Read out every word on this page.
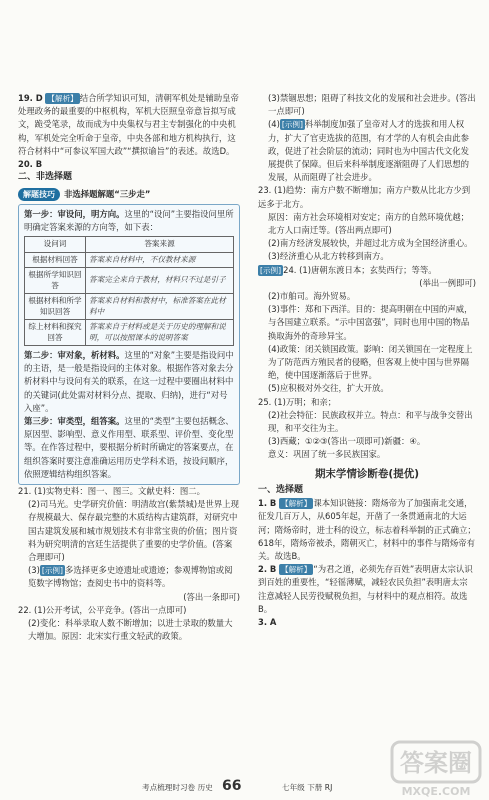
19. D 【解析】 结合所学知识可知，清朝军机处是辅助皇帝处理政务的最重要的中枢机构，军机大臣照皇帝意旨拟写成文，跪受笔录，故而成为中央集权与君主专制强化的中央机构，军机处完全听命于皇帝，中央各部和地方机构执行，这符合材料中“可参议军国大政”“撰拟谕旨”的表述。故选D。

20. B

二、非选择题

解题技巧 非选择题解题“三步走”

第一步：审设问，明方向。这里的“设问”主要指设问里所明确定答案来源的方向等，如下表：

设问词	答案来源
根据材料回答	答案来自材料中，不仅教材来源
根据所学知识回答	答案完全来自于教材，材料只不过是引子
根据材料和所学知识回答	答案来自材料和教材中，标准答案在此材料中
综上材料和探究回答	答案来自于材料或是关于历史的理解和说明，可以按照课本的说明答案

第二步：审对象，析材料。这里的“对象”主要是指设问中的主语，是一般是指设问的主体对象。根据作答对象去分析材料中与设问有关的联系，在这一过程中要圈出材料中的关键词(此处需对材料分点、提取、归纳)，进行“对号入座”。

第三步：审类型，组答案。这里的“类型”主要包括概念、原因型、影响型、意义作用型、联系型、评价型、变化型等。在作答过程中，要根据分析时所确定的答案要点，在组织答案时要注意准确运用历史学科术语，按设问顺序，依照逻辑结构组织答案。

21. (1)实物史料：图一、图三。文献史料：图二。

(2)司马光。史学研究价值：明清故宫(紫禁城)是世界上现存规模最大、保存最完整的木质结构古建筑群，对研究中国古建筑发展和城市规划技术有非常宝贵的价值；图片资料为研究明清的宫廷生活提供了重要的史学价值。(答案合理即可)

(3) [示例] 多选择更多史迹遗址或遗迹；参观博物馆或阅览数字博物馆；查阅史书中的资料等。

(答出一条即可)

22. (1)公开考试，公平竞争。(答出一点即可)

(2)变化：科举录取人数不断增加；以进士录取的数量大大增加。原因：北宋实行重文轻武的政策。

(3)禁锢思想；阻碍了科技文化的发展和社会进步。(答出一点即可)

(4) [示例] 科举制度加强了皇帝对人才的选拔和用人权力，扩大了官吏选拔的范围，有才学的人有机会由此参政，促进了社会阶层的流动；同时也为中国古代文化发展提供了保障。但后来科举制度逐渐阻碍了人们思想的发展，从而阻碍了社会进步。

23. (1)趋势：南方户数不断增加；南方户数从比北方少到远多于北方。

原因：南方社会环境相对安定；南方的自然环境优越；北方人口南迁等。(答出两点即可)

(2)南方经济发展较快，并超过北方成为全国经济重心。

(3)经济重心从北方转移到南方。

[示例] 24. (1)唐朝东渡日本；玄奘西行；等等。

(举出一例即可)

(2)市舶司。海外贸易。

(3)事件：郑和下西洋。目的：提高明朝在中国的声威，与各国建立联系。“示中国富强”，同时也用中国的物品换取海外的奇珍异宝。

(4)政策：闭关锁国政策。影响：闭关锁国在一定程度上为了防范西方殖民者的侵略，但客观上使中国与世界隔绝，使中国逐渐落后于世界。

(5)应积极对外交往，扩大开放。

25. (1)万明；和亲；

(2)社会特征：民族政权并立。特点：和平与战争交替出现，和平交往为主。

(3)西藏；①②③(答出一项即可)新疆：④。

意义：巩固了统一多民族国家。

期末学情诊断卷(提优)

一、选择题

1. B 【解析】 课本知识链接：隋炀帝为了加强南北交通，征发几百万人，从605年起，开凿了一条贯通南北的大运河；隋炀帝时，进士科的设立，标志着科举制的正式确立；618年，隋炀帝被杀，隋朝灭亡，材料中的事件与隋炀帝有关。故选B。

2. B 【解析】 “为君之道，必须先存百姓”表明唐太宗认识到百姓的重要性，“轻徭薄赋，减轻农民负担”表明唐太宗注意减轻人民劳役赋税负担，与材料中的观点相符。故选B。

3. A

考点梳理时习卷 历史 66	七年级 下册 RJ
答案圈
MXQE.COM
